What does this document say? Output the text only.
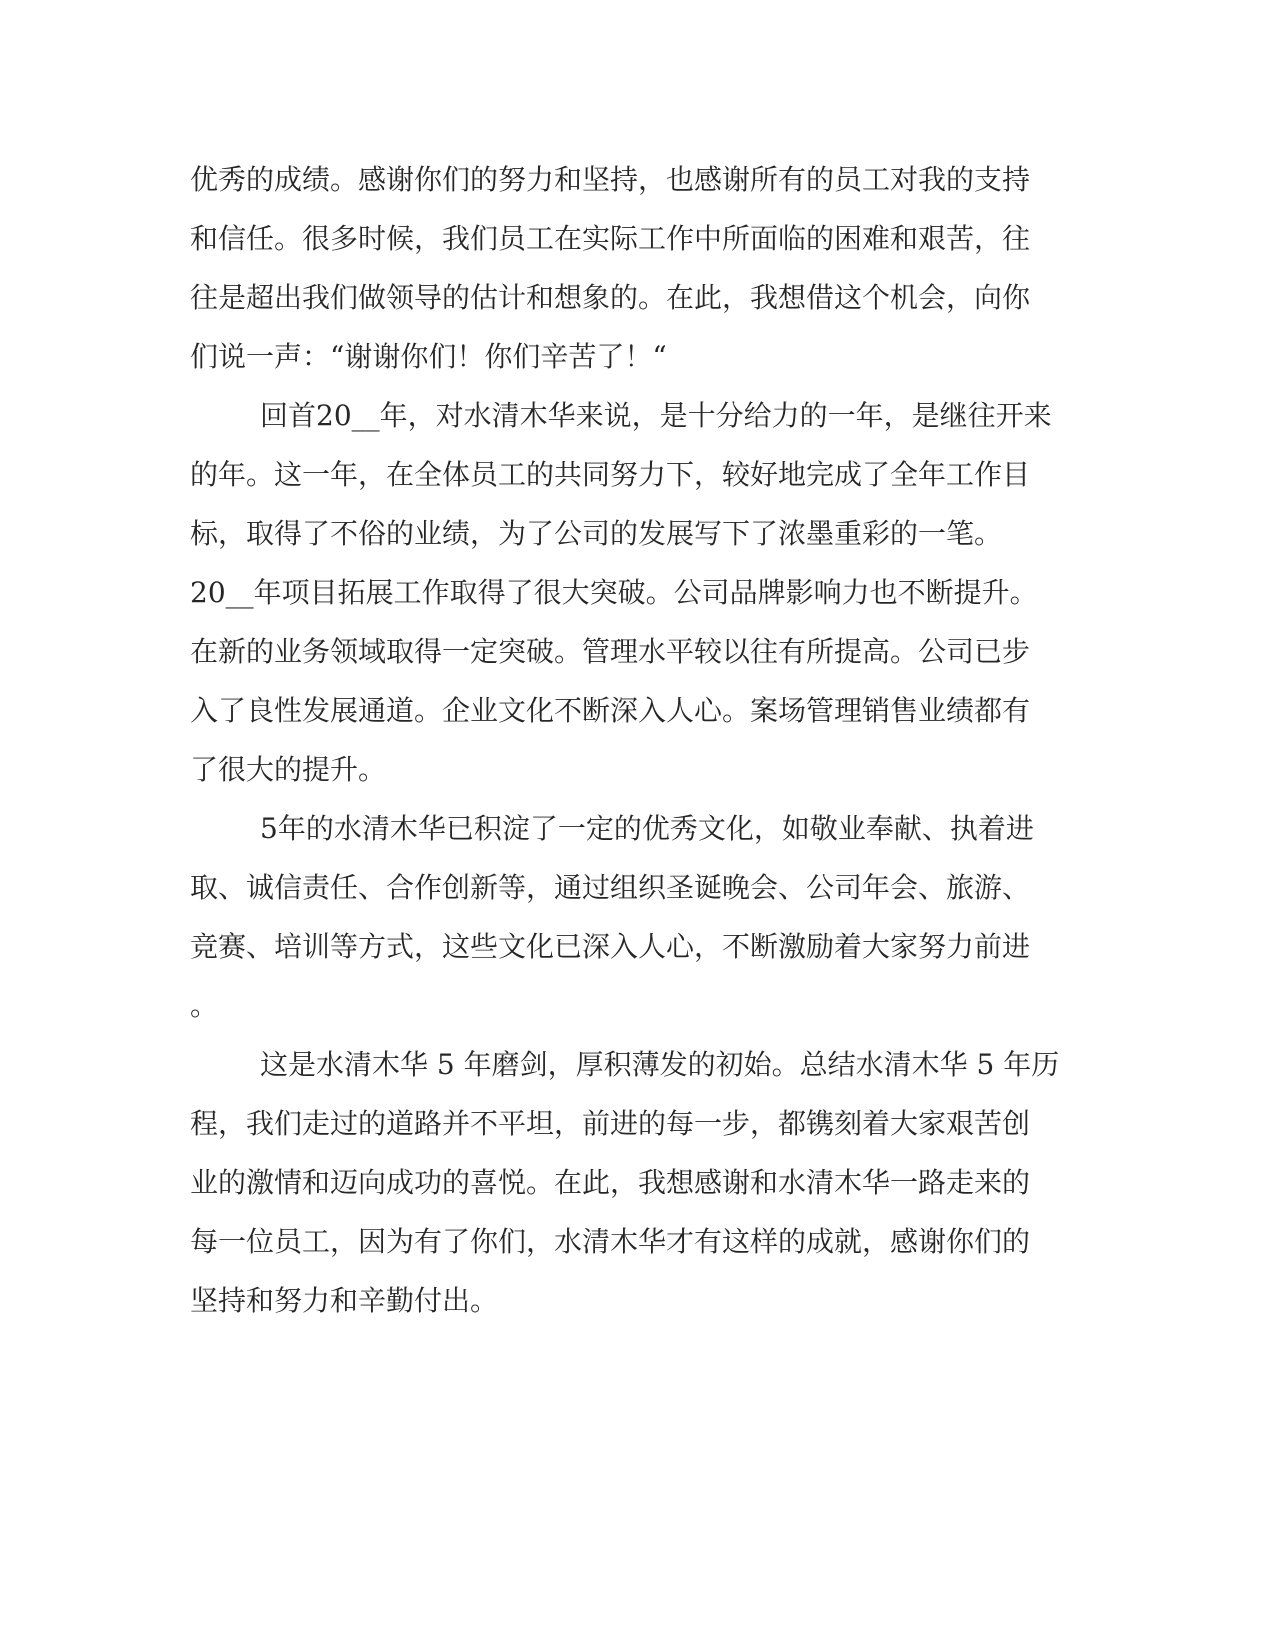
优秀的成绩。感谢你们的努力和坚持，也感谢所有的员工对我的支持
和信任。很多时候，我们员工在实际工作中所面临的困难和艰苦，往
往是超出我们做领导的估计和想象的。在此，我想借这个机会，向你
们说一声：“谢谢你们！你们辛苦了！“
回首20__年，对水清木华来说，是十分给力的一年，是继往开来
的年。这一年，在全体员工的共同努力下，较好地完成了全年工作目
标，取得了不俗的业绩，为了公司的发展写下了浓墨重彩的一笔。
20__年项目拓展工作取得了很大突破。公司品牌影响力也不断提升。
在新的业务领域取得一定突破。管理水平较以往有所提高。公司已步
入了良性发展通道。企业文化不断深入人心。案场管理销售业绩都有
了很大的提升。
5年的水清木华已积淀了一定的优秀文化，如敬业奉献、执着进
取、诚信责任、合作创新等，通过组织圣诞晚会、公司年会、旅游、
竞赛、培训等方式，这些文化已深入人心，不断激励着大家努力前进
。
这是水清木华 5 年磨剑，厚积薄发的初始。总结水清木华 5 年历
程，我们走过的道路并不平坦，前进的每一步，都镌刻着大家艰苦创
业的激情和迈向成功的喜悦。在此，我想感谢和水清木华一路走来的
每一位员工，因为有了你们，水清木华才有这样的成就，感谢你们的
坚持和努力和辛勤付出。
